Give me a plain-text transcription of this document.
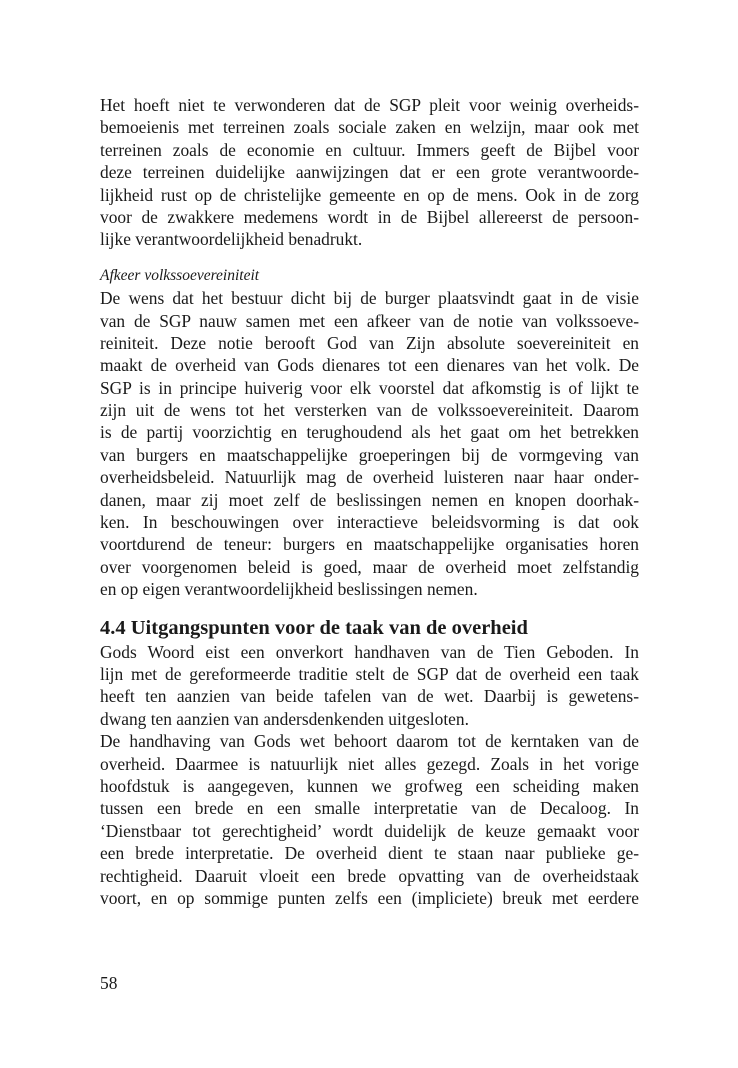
Het hoeft niet te verwonderen dat de SGP pleit voor weinig overheids-
bemoeienis met terreinen zoals sociale zaken en welzijn, maar ook met
terreinen zoals de economie en cultuur. Immers geeft de Bijbel voor
deze terreinen duidelijke aanwijzingen dat er een grote verantwoorde-
lijkheid rust op de christelijke gemeente en op de mens. Ook in de zorg
voor de zwakkere medemens wordt in de Bijbel allereerst de persoon-
lijke verantwoordelijkheid benadrukt.
Afkeer volkssoevereiniteit
De wens dat het bestuur dicht bij de burger plaatsvindt gaat in de visie
van de SGP nauw samen met een afkeer van de notie van volkssoeve-
reiniteit. Deze notie berooft God van Zijn absolute soevereiniteit en
maakt de overheid van Gods dienares tot een dienares van het volk. De
SGP is in principe huiverig voor elk voorstel dat afkomstig is of lijkt te
zijn uit de wens tot het versterken van de volkssoevereiniteit. Daarom
is de partij voorzichtig en terughoudend als het gaat om het betrekken
van burgers en maatschappelijke groeperingen bij de vormgeving van
overheidsbeleid. Natuurlijk mag de overheid luisteren naar haar onder-
danen, maar zij moet zelf de beslissingen nemen en knopen doorhak-
ken. In beschouwingen over interactieve beleidsvorming is dat ook
voortdurend de teneur: burgers en maatschappelijke organisaties horen
over voorgenomen beleid is goed, maar de overheid moet zelfstandig
en op eigen verantwoordelijkheid beslissingen nemen.
4.4 Uitgangspunten voor de taak van de overheid
Gods Woord eist een onverkort handhaven van de Tien Geboden. In
lijn met de gereformeerde traditie stelt de SGP dat de overheid een taak
heeft ten aanzien van beide tafelen van de wet. Daarbij is gewetens-
dwang ten aanzien van andersdenkenden uitgesloten.
De handhaving van Gods wet behoort daarom tot de kerntaken van de
overheid. Daarmee is natuurlijk niet alles gezegd. Zoals in het vorige
hoofdstuk is aangegeven, kunnen we grofweg een scheiding maken
tussen een brede en een smalle interpretatie van de Decaloog. In
‘Dienstbaar tot gerechtigheid’ wordt duidelijk de keuze gemaakt voor
een brede interpretatie. De overheid dient te staan naar publieke ge-
rechtigheid. Daaruit vloeit een brede opvatting van de overheidstaak
voort, en op sommige punten zelfs een (impliciete) breuk met eerdere
58
